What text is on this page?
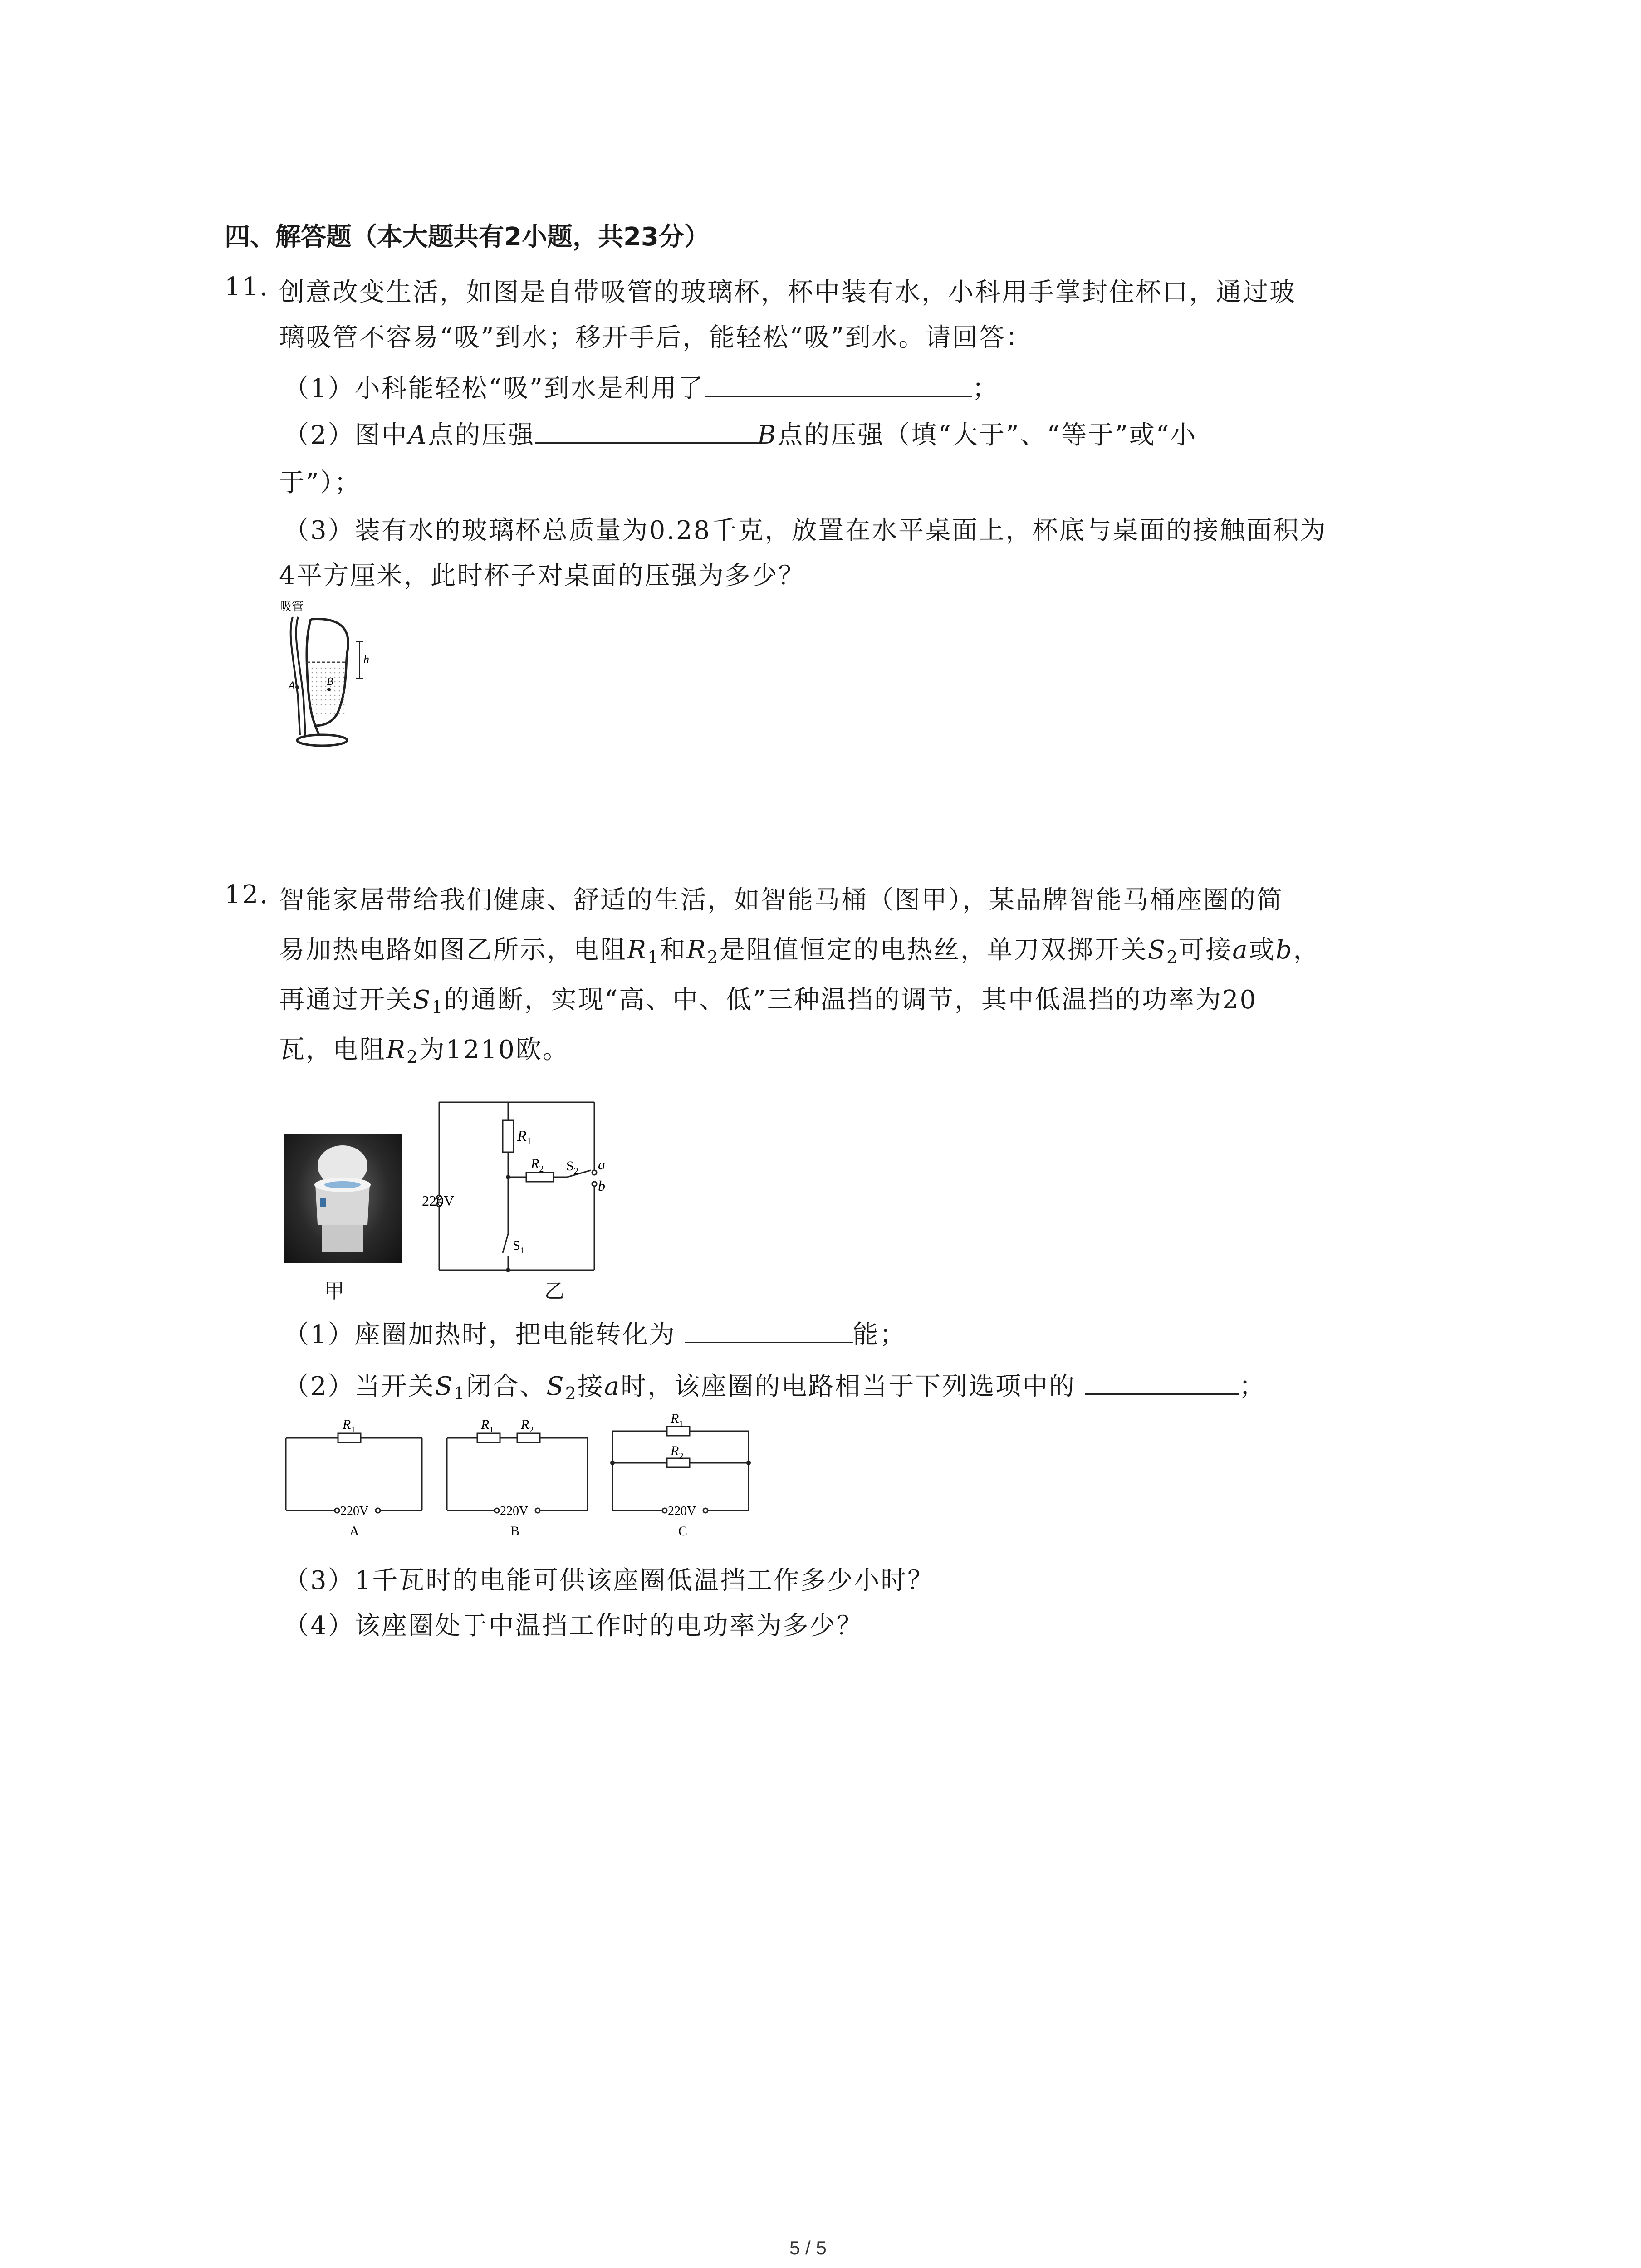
四、解答题（本大题共有2小题，共23分）
11. 创意改变生活，如图是自带吸管的玻璃杯，杯中装有水，小科用手掌封住杯口，通过玻
璃吸管不容易“吸”到水；移开手后，能轻松“吸”到水。请回答：
（1）小科能轻松“吸”到水是利用了	；
（2）图中A点的压强	B点的压强（填“大于”、“等于”或“小
于”）；
（3）装有水的玻璃杯总质量为0.28千克，放置在水平桌面上，杯底与桌面的接触面积为
4平方厘米，此时杯子对桌面的压强为多少？
吸管
h
A	B
12. 智能家居带给我们健康、舒适的生活，如智能马桶（图甲），某品牌智能马桶座圈的简
易加热电路如图乙所示，电阻$R_1$和$R_2$是阻值恒定的电热丝，单刀双掷开关$S_2$可接a或b，
再通过开关$S_1$的通断，实现“高、中、低”三种温挡的调节，其中低温挡的功率为20
瓦，电阻$R_2$为1210欧。
甲
$R_1$
$R_2$ $S_2$ a
b
220V
$S_1$
乙
（1）座圈加热时，把电能转化为	能；
（2）当开关$S_1$闭合、$S_2$接a时，该座圈的电路相当于下列选项中的	；
$R_1$
220V
A
$R_1$ $R_2$
220V
B
$R_1$
$R_2$
220V
C
（3）1千瓦时的电能可供该座圈低温挡工作多少小时？
（4）该座圈处于中温挡工作时的电功率为多少？
5 / 5
